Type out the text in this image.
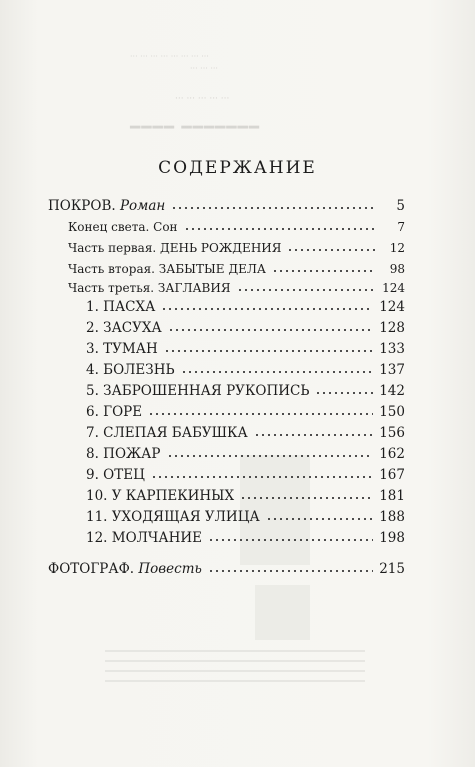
··· ··· ··· ··· ··· ··· ··· ···
··· ··· ···
··· ··· ··· ··· ···
━━━━ ━━━━━━━
СОДЕРЖАНИЕ
ПОКРОВ. Роман	5
Конец света. Сон	7
Часть первая. ДЕНЬ РОЖДЕНИЯ	12
Часть вторая. ЗАБЫТЫЕ ДЕЛА	98
Часть третья. ЗАГЛАВИЯ	124
1. ПАСХА	124
2. ЗАСУХА	128
3. ТУМАН	133
4. БОЛЕЗНЬ	137
5. ЗАБРОШЕННАЯ РУКОПИСЬ	142
6. ГОРЕ	150
7. СЛЕПАЯ БАБУШКА	156
8. ПОЖАР	162
9. ОТЕЦ	167
10. У КАРПЕКИНЫХ	181
11. УХОДЯЩАЯ УЛИЦА	188
12. МОЛЧАНИЕ	198
ФОТОГРАФ. Повесть	215
